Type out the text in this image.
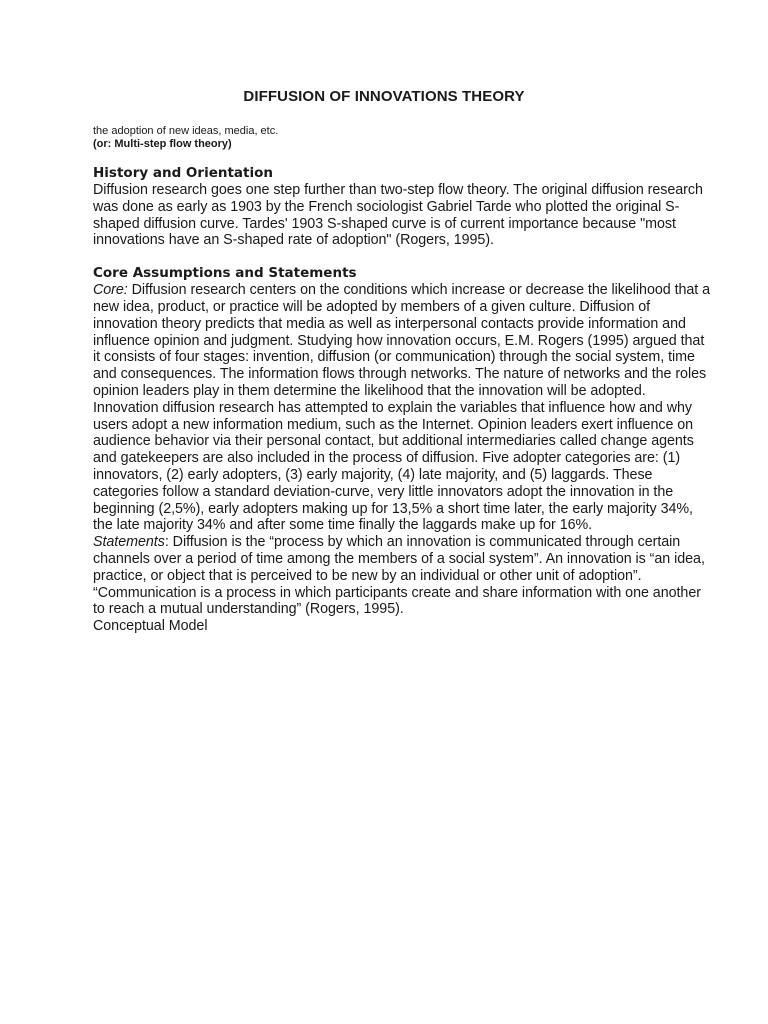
DIFFUSION OF INNOVATIONS THEORY

the adoption of new ideas, media, etc.

(or: Multi-step flow theory)

History and Orientation

Diffusion research goes one step further than two-step flow theory. The original diffusion research was done as early as 1903 by the French sociologist Gabriel Tarde who plotted the original S-shaped diffusion curve. Tardes' 1903 S-shaped curve is of current importance because "most innovations have an S-shaped rate of adoption" (Rogers, 1995).

Core Assumptions and Statements

Core: Diffusion research centers on the conditions which increase or decrease the likelihood that a new idea, product, or practice will be adopted by members of a given culture. Diffusion of innovation theory predicts that media as well as interpersonal contacts provide information and influence opinion and judgment. Studying how innovation occurs, E.M. Rogers (1995) argued that it consists of four stages: invention, diffusion (or communication) through the social system, time and consequences. The information flows through networks. The nature of networks and the roles opinion leaders play in them determine the likelihood that the innovation will be adopted. Innovation diffusion research has attempted to explain the variables that influence how and why users adopt a new information medium, such as the Internet. Opinion leaders exert influence on audience behavior via their personal contact, but additional intermediaries called change agents and gatekeepers are also included in the process of diffusion. Five adopter categories are: (1) innovators, (2) early adopters, (3) early majority, (4) late majority, and (5) laggards. These categories follow a standard deviation-curve, very little innovators adopt the innovation in the beginning (2,5%), early adopters making up for 13,5% a short time later, the early majority 34%, the late majority 34% and after some time finally the laggards make up for 16%.

Statements: Diffusion is the “process by which an innovation is communicated through certain channels over a period of time among the members of a social system”. An innovation is “an idea, practice, or object that is perceived to be new by an individual or other unit of adoption”. “Communication is a process in which participants create and share information with one another to reach a mutual understanding” (Rogers, 1995).

Conceptual Model
